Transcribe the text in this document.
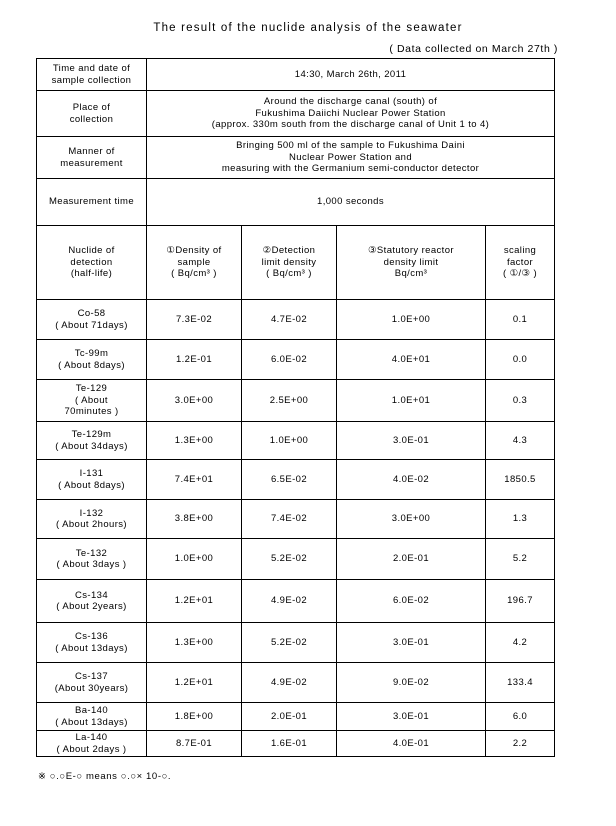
The result of the nuclide analysis of the seawater
( Data collected on March 27th )
Time and date of
sample collection	14:30, March 26th, 2011			
Place of
collection	Around the discharge canal (south) of
Fukushima Daiichi Nuclear Power Station
(approx. 330m south from the discharge canal of Unit 1 to 4)			
Manner of
measurement	Bringing 500 ml of the sample to Fukushima Daini
Nuclear Power Station and
measuring with the Germanium semi-conductor detector			
Measurement time	1,000 seconds			
Nuclide of
detection
(half-life)	①Density of
sample
( Bq/cm³ )	②Detection
limit density
( Bq/cm³ )	③Statutory reactor
density limit
Bq/cm³	scaling
factor
( ①/③ )
Co-58
( About 71days)	7.3E-02	4.7E-02	1.0E+00	0.1
Tc-99m
( About 8days)	1.2E-01	6.0E-02	4.0E+01	0.0
Te-129
( About
70minutes )	3.0E+00	2.5E+00	1.0E+01	0.3
Te-129m
( About 34days)	1.3E+00	1.0E+00	3.0E-01	4.3
I-131
( About 8days)	7.4E+01	6.5E-02	4.0E-02	1850.5
I-132
( About 2hours)	3.8E+00	7.4E-02	3.0E+00	1.3
Te-132
( About 3days )	1.0E+00	5.2E-02	2.0E-01	5.2
Cs-134
( About 2years)	1.2E+01	4.9E-02	6.0E-02	196.7
Cs-136
( About 13days)	1.3E+00	5.2E-02	3.0E-01	4.2
Cs-137
(About 30years)	1.2E+01	4.9E-02	9.0E-02	133.4
Ba-140
( About 13days)	1.8E+00	2.0E-01	3.0E-01	6.0
La-140
( About 2days )	8.7E-01	1.6E-01	4.0E-01	2.2
※ ○.○E-○ means ○.○× 10-○.
